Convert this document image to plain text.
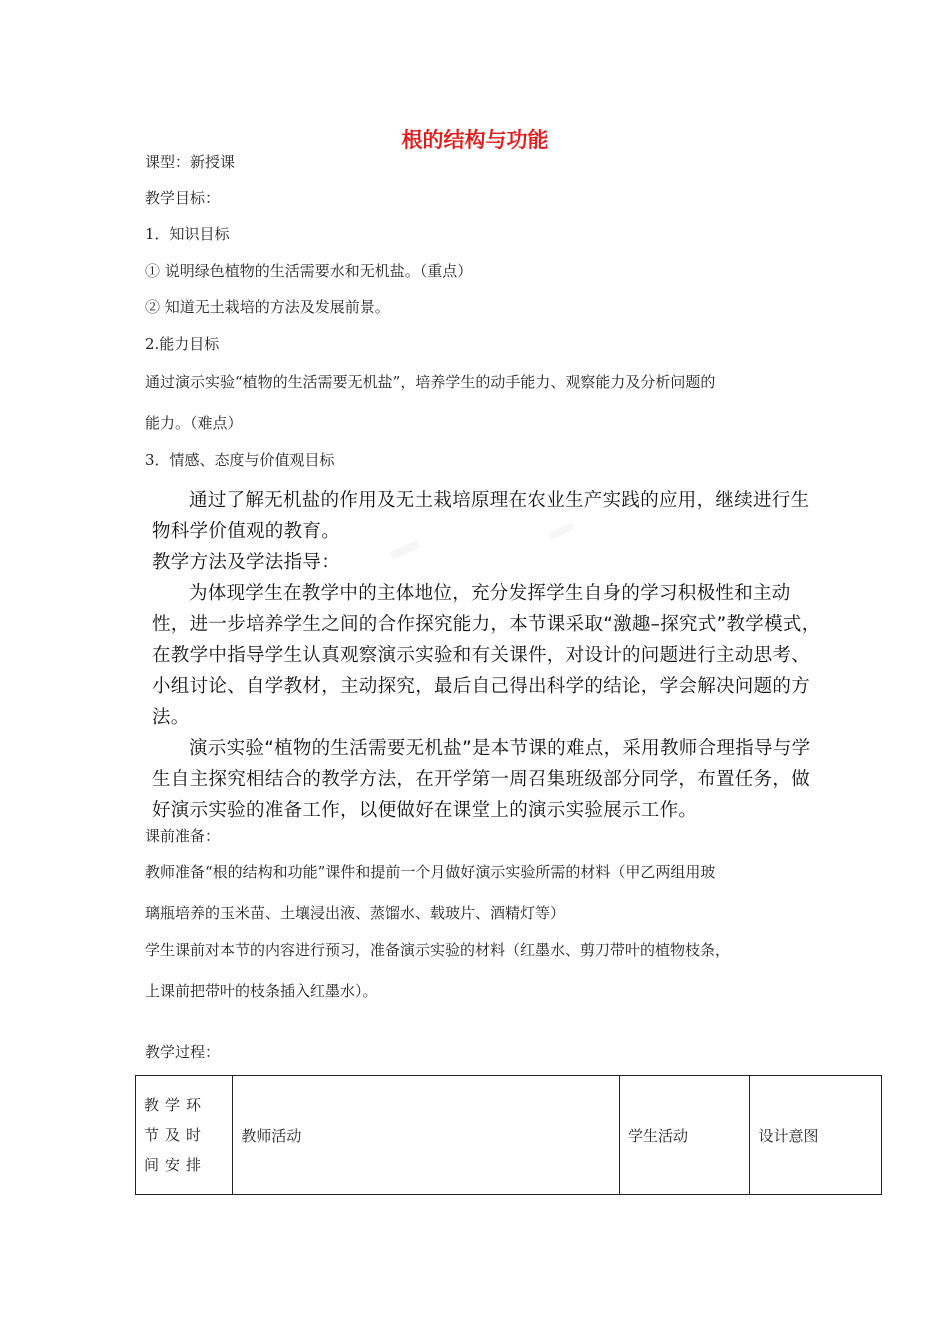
根的结构与功能
课型：新授课
教学目标：
1．知识目标
① 说明绿色植物的生活需要水和无机盐。（重点）
② 知道无土栽培的方法及发展前景。
2.能力目标
通过演示实验“植物的生活需要无机盐”，培养学生的动手能力、观察能力及分析问题的
能力。（难点）
3．情感、态度与价值观目标

通过了解无机盐的作用及无土栽培原理在农业生产实践的应用，继续进行生物科学价值观的教育。

教学方法及学法指导：

为体现学生在教学中的主体地位，充分发挥学生自身的学习积极性和主动性，进一步培养学生之间的合作探究能力，本节课采取“激趣–探究式”教学模式，在教学中指导学生认真观察演示实验和有关课件，对设计的问题进行主动思考、小组讨论、自学教材，主动探究，最后自己得出科学的结论，学会解决问题的方法。

演示实验“植物的生活需要无机盐”是本节课的难点，采用教师合理指导与学生自主探究相结合的教学方法，在开学第一周召集班级部分同学，布置任务，做好演示实验的准备工作，以便做好在课堂上的演示实验展示工作。

课前准备：
教师准备“根的结构和功能”课件和提前一个月做好演示实验所需的材料（甲乙两组用玻
璃瓶培养的玉米苗、土壤浸出液、蒸馏水、载玻片、酒精灯等）
学生课前对本节的内容进行预习，准备演示实验的材料（红墨水、剪刀带叶的植物枝条，
上课前把带叶的枝条插入红墨水）。
教学过程：
教学环节及时间安排	教师活动	学生活动	设计意图
